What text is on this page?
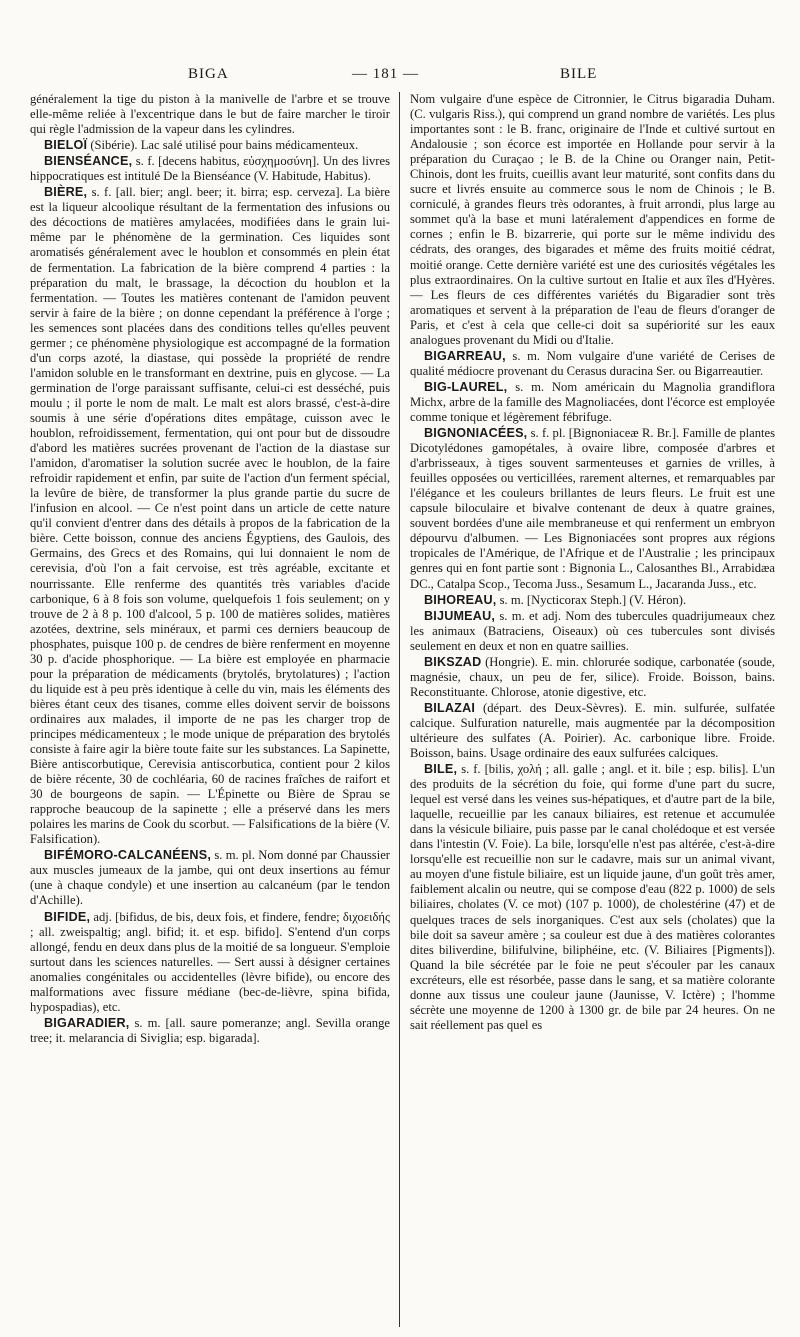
BIGA	— 181 —	BILE

généralement la tige du piston à la manivelle de l'arbre et se trouve elle-même reliée à l'excentrique dans le but de faire marcher le tiroir qui règle l'admission de la vapeur dans les cylindres.

BIELOÏ (Sibérie). Lac salé utilisé pour bains médicamenteux.

BIENSÉANCE, s. f. [decens habitus, εὐσχημοσύνη]. Un des livres hippocratiques est intitulé De la Bienséance (V. Habitude, Habitus).

BIÈRE, s. f. [all. bier; angl. beer; it. birra; esp. cerveza]. La bière est la liqueur alcoolique résultant de la fermentation des infusions ou des décoctions de matières amylacées, modifiées dans le grain lui-même par le phénomène de la germination. Ces liquides sont aromatisés généralement avec le houblon et consommés en plein état de fermentation. La fabrication de la bière comprend 4 parties : la préparation du malt, le brassage, la décoction du houblon et la fermentation. — Toutes les matières contenant de l'amidon peuvent servir à faire de la bière ; on donne cependant la préférence à l'orge ; les semences sont placées dans des conditions telles qu'elles peuvent germer ; ce phénomène physiologique est accompagné de la formation d'un corps azoté, la diastase, qui possède la propriété de rendre l'amidon soluble en le transformant en dextrine, puis en glycose. — La germination de l'orge paraissant suffisante, celui-ci est desséché, puis moulu ; il porte le nom de malt. Le malt est alors brassé, c'est-à-dire soumis à une série d'opérations dites empâtage, cuisson avec le houblon, refroidissement, fermentation, qui ont pour but de dissoudre d'abord les matières sucrées provenant de l'action de la diastase sur l'amidon, d'aromatiser la solution sucrée avec le houblon, de la faire refroidir rapidement et enfin, par suite de l'action d'un ferment spécial, la levûre de bière, de transformer la plus grande partie du sucre de l'infusion en alcool. — Ce n'est point dans un article de cette nature qu'il convient d'entrer dans des détails à propos de la fabrication de la bière. Cette boisson, connue des anciens Égyptiens, des Gaulois, des Germains, des Grecs et des Romains, qui lui donnaient le nom de cerevisia, d'où l'on a fait cervoise, est très agréable, excitante et nourrissante. Elle renferme des quantités très variables d'acide carbonique, 6 à 8 fois son volume, quelquefois 1 fois seulement; on y trouve de 2 à 8 p. 100 d'alcool, 5 p. 100 de matières solides, matières azotées, dextrine, sels minéraux, et parmi ces derniers beaucoup de phosphates, puisque 100 p. de cendres de bière renferment en moyenne 30 p. d'acide phosphorique. — La bière est employée en pharmacie pour la préparation de médicaments (brytolés, brytolatures) ; l'action du liquide est à peu près identique à celle du vin, mais les éléments des bières étant ceux des tisanes, comme elles doivent servir de boissons ordinaires aux malades, il importe de ne pas les charger trop de principes médicamenteux ; le mode unique de préparation des brytolés consiste à faire agir la bière toute faite sur les substances. La Sapinette, Bière antiscorbutique, Cerevisia antiscorbutica, contient pour 2 kilos de bière récente, 30 de cochléaria, 60 de racines fraîches de raifort et 30 de bourgeons de sapin. — L'Épinette ou Bière de Sprau se rapproche beaucoup de la sapinette ; elle a préservé dans les mers polaires les marins de Cook du scorbut. — Falsifications de la bière (V. Falsification).

BIFÉMORO-CALCANÉENS, s. m. pl. Nom donné par Chaussier aux muscles jumeaux de la jambe, qui ont deux insertions au fémur (une à chaque condyle) et une insertion au calcanéum (par le tendon d'Achille).

BIFIDE, adj. [bifidus, de bis, deux fois, et findere, fendre; διχοειδής ; all. zweispaltig; angl. bifid; it. et esp. bifido]. S'entend d'un corps allongé, fendu en deux dans plus de la moitié de sa longueur. S'emploie surtout dans les sciences naturelles. — Sert aussi à désigner certaines anomalies congénitales ou accidentelles (lèvre bifide), ou encore des malformations avec fissure médiane (bec-de-lièvre, spina bifida, hypospadias), etc.

BIGARADIER, s. m. [all. saure pomeranze; angl. Sevilla orange tree; it. melarancia di Siviglia; esp. bigarada].

Nom vulgaire d'une espèce de Citronnier, le Citrus bigaradia Duham. (C. vulgaris Riss.), qui comprend un grand nombre de variétés. Les plus importantes sont : le B. franc, originaire de l'Inde et cultivé surtout en Andalousie ; son écorce est importée en Hollande pour servir à la préparation du Curaçao ; le B. de la Chine ou Oranger nain, Petit-Chinois, dont les fruits, cueillis avant leur maturité, sont confits dans du sucre et livrés ensuite au commerce sous le nom de Chinois ; le B. corniculé, à grandes fleurs très odorantes, à fruit arrondi, plus large au sommet qu'à la base et muni latéralement d'appendices en forme de cornes ; enfin le B. bizarrerie, qui porte sur le même individu des cédrats, des oranges, des bigarades et même des fruits moitié cédrat, moitié orange. Cette dernière variété est une des curiosités végétales les plus extraordinaires. On la cultive surtout en Italie et aux îles d'Hyères. — Les fleurs de ces différentes variétés du Bigaradier sont très aromatiques et servent à la préparation de l'eau de fleurs d'oranger de Paris, et c'est à cela que celle-ci doit sa supériorité sur les eaux analogues provenant du Midi ou d'Italie.

BIGARREAU, s. m. Nom vulgaire d'une variété de Cerises de qualité médiocre provenant du Cerasus duracina Ser. ou Bigarreautier.

BIG-LAUREL, s. m. Nom américain du Magnolia grandiflora Michx, arbre de la famille des Magnoliacées, dont l'écorce est employée comme tonique et légèrement fébrifuge.

BIGNONIACÉES, s. f. pl. [Bignoniaceæ R. Br.]. Famille de plantes Dicotylédones gamopétales, à ovaire libre, composée d'arbres et d'arbrisseaux, à tiges souvent sarmenteuses et garnies de vrilles, à feuilles opposées ou verticillées, rarement alternes, et remarquables par l'élégance et les couleurs brillantes de leurs fleurs. Le fruit est une capsule biloculaire et bivalve contenant de deux à quatre graines, souvent bordées d'une aile membraneuse et qui renferment un embryon dépourvu d'albumen. — Les Bignoniacées sont propres aux régions tropicales de l'Amérique, de l'Afrique et de l'Australie ; les principaux genres qui en font partie sont : Bignonia L., Calosanthes Bl., Arrabidæa DC., Catalpa Scop., Tecoma Juss., Sesamum L., Jacaranda Juss., etc.

BIHOREAU, s. m. [Nycticorax Steph.] (V. Héron).

BIJUMEAU, s. m. et adj. Nom des tubercules quadrijumeaux chez les animaux (Batraciens, Oiseaux) où ces tubercules sont divisés seulement en deux et non en quatre saillies.

BIKSZAD (Hongrie). E. min. chlorurée sodique, carbonatée (soude, magnésie, chaux, un peu de fer, silice). Froide. Boisson, bains. Reconstituante. Chlorose, atonie digestive, etc.

BILAZAI (départ. des Deux-Sèvres). E. min. sulfurée, sulfatée calcique. Sulfuration naturelle, mais augmentée par la décomposition ultérieure des sulfates (A. Poirier). Ac. carbonique libre. Froide. Boisson, bains. Usage ordinaire des eaux sulfurées calciques.

BILE, s. f. [bilis, χολή ; all. galle ; angl. et it. bile ; esp. bilis]. L'un des produits de la sécrétion du foie, qui forme d'une part du sucre, lequel est versé dans les veines sus-hépatiques, et d'autre part de la bile, laquelle, recueillie par les canaux biliaires, est retenue et accumulée dans la vésicule biliaire, puis passe par le canal cholédoque et est versée dans l'intestin (V. Foie). La bile, lorsqu'elle n'est pas altérée, c'est-à-dire lorsqu'elle est recueillie non sur le cadavre, mais sur un animal vivant, au moyen d'une fistule biliaire, est un liquide jaune, d'un goût très amer, faiblement alcalin ou neutre, qui se compose d'eau (822 p. 1000) de sels biliaires, cholates (V. ce mot) (107 p. 1000), de cholestérine (47) et de quelques traces de sels inorganiques. C'est aux sels (cholates) que la bile doit sa saveur amère ; sa couleur est due à des matières colorantes dites biliverdine, bilifulvine, biliphéine, etc. (V. Biliaires [Pigments]). Quand la bile sécrétée par le foie ne peut s'écouler par les canaux excréteurs, elle est résorbée, passe dans le sang, et sa matière colorante donne aux tissus une couleur jaune (Jaunisse, V. Ictère) ; l'homme sécrète une moyenne de 1200 à 1300 gr. de bile par 24 heures. On ne sait réellement pas quel es
